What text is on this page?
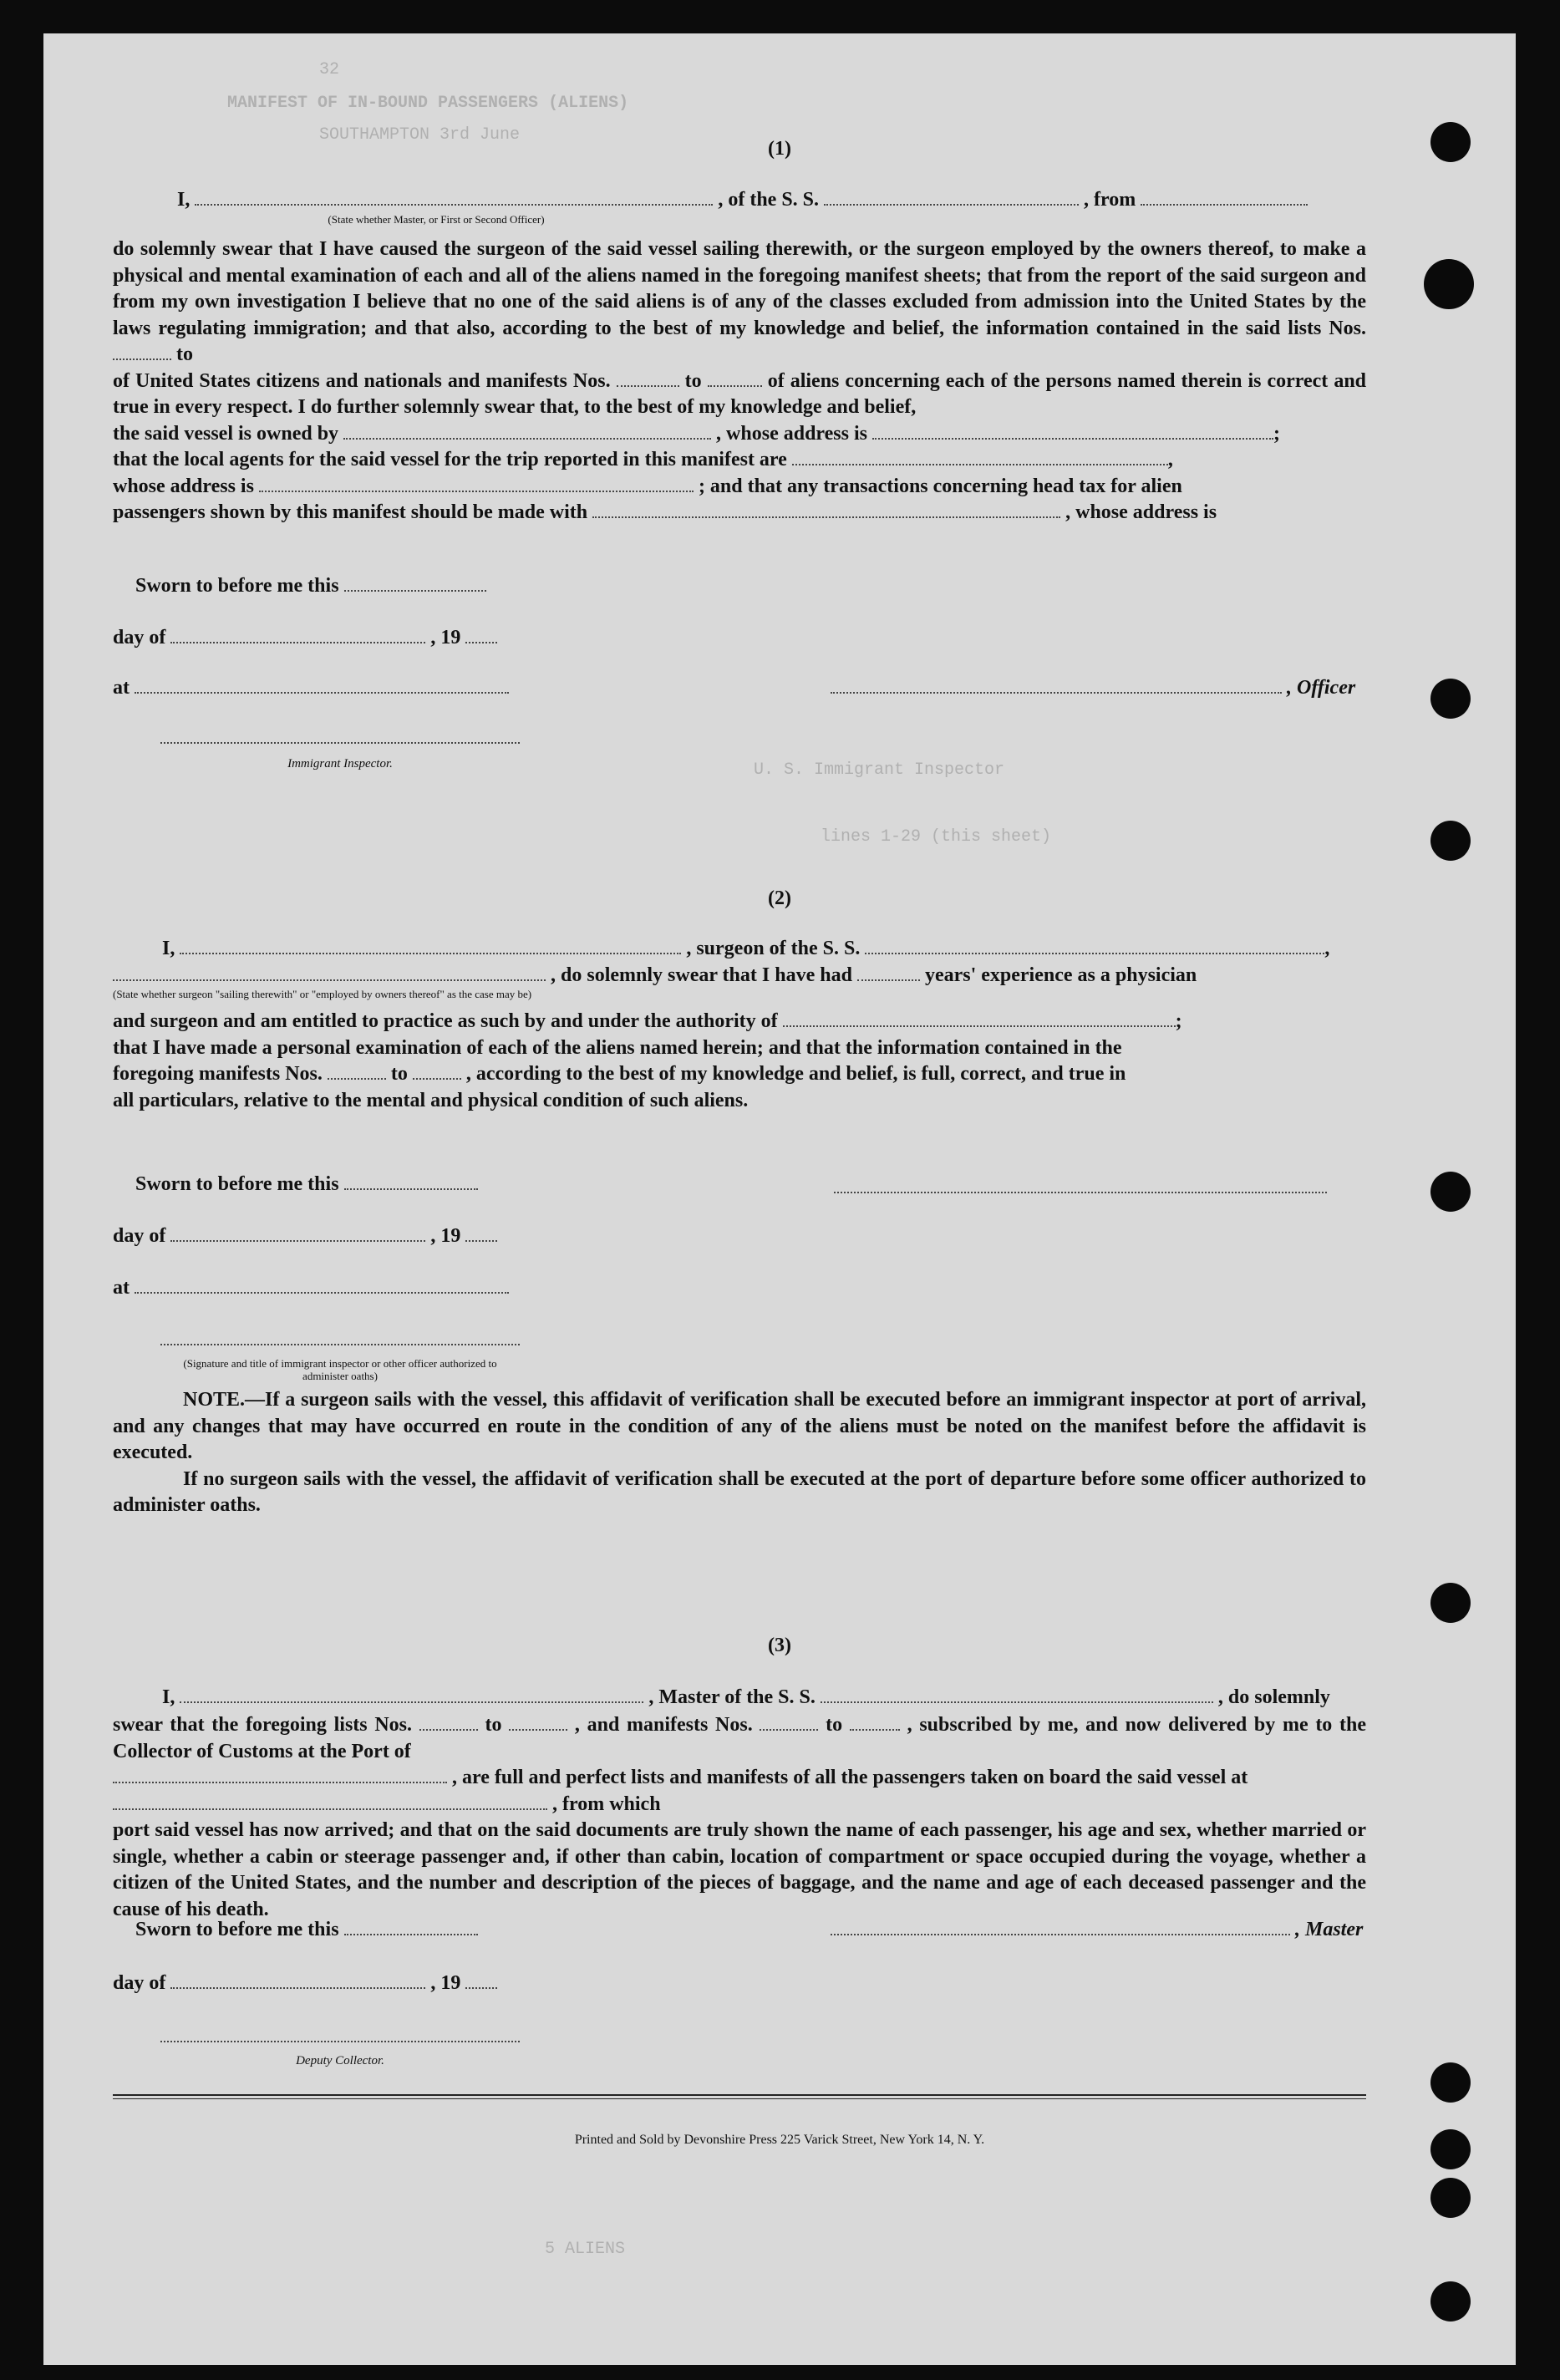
32
MANIFEST OF IN-BOUND PASSENGERS (ALIENS)
SOUTHAMPTON 3rd June
(1)
I,	, of the S. S.	, from
(State whether Master, or First or Second Officer)
do solemnly swear that I have caused the surgeon of the said vessel sailing therewith, or the surgeon employed by the owners thereof, to make a physical and mental examination of each and all of the aliens named in the foregoing manifest sheets; that from the report of the said surgeon and from my own investigation I believe that no one of the said aliens is of any of the classes excluded from admission into the United States by the laws regulating immigration; and that also, according to the best of my knowledge and belief, the information contained in the said lists Nos.  to
of United States citizens and nationals and manifests Nos.	to	of aliens concerning each of the persons named therein is correct and true in every respect. I do further solemnly swear that, to the best of my knowledge and belief,
the said vessel is owned by	, whose address is	;
that the local agents for the said vessel for the trip reported in this manifest are	,
whose address is	; and that any transactions concerning head tax for alien
passengers shown by this manifest should be made with	, whose address is
Sworn to before me this
day of	, 19
at	, Officer
Immigrant Inspector.	U. S. Immigrant Inspector
lines 1-29 (this sheet)
(2)
I,	, surgeon of the S. S.	,
, do solemnly swear that I have had	years' experience as a physician
(State whether surgeon "sailing therewith" or "employed by owners thereof" as the case may be)
and surgeon and am entitled to practice as such by and under the authority of	;
that I have made a personal examination of each of the aliens named herein; and that the information contained in the
foregoing manifests Nos.	to	, according to the best of my knowledge and belief, is full, correct, and true in
all particulars, relative to the mental and physical condition of such aliens.
Sworn to before me this
day of	, 19
at
(Signature and title of immigrant inspector or other officer authorized to administer oaths)
NOTE.—If a surgeon sails with the vessel, this affidavit of verification shall be executed before an immigrant inspector at port of arrival, and any changes that may have occurred en route in the condition of any of the aliens must be noted on the manifest before the affidavit is executed.
If no surgeon sails with the vessel, the affidavit of verification shall be executed at the port of departure before some officer authorized to administer oaths.
(3)
I,	, Master of the S. S.	, do solemnly
swear that the foregoing lists Nos.	to	, and manifests Nos.	to	, subscribed by me, and now delivered by me to the Collector of Customs at the Port of
, are full and perfect lists and manifests of all the passengers taken on board the said vessel at
, from which
port said vessel has now arrived; and that on the said documents are truly shown the name of each passenger, his age and sex, whether married or single, whether a cabin or steerage passenger and, if other than cabin, location of compartment or space occupied during the voyage, whether a citizen of the United States, and the number and description of the pieces of baggage, and the name and age of each deceased passenger and the cause of his death.
Sworn to before me this	, Master
day of	, 19
Deputy Collector.
Printed and Sold by Devonshire Press 225 Varick Street, New York 14, N. Y.
5 ALIENS
